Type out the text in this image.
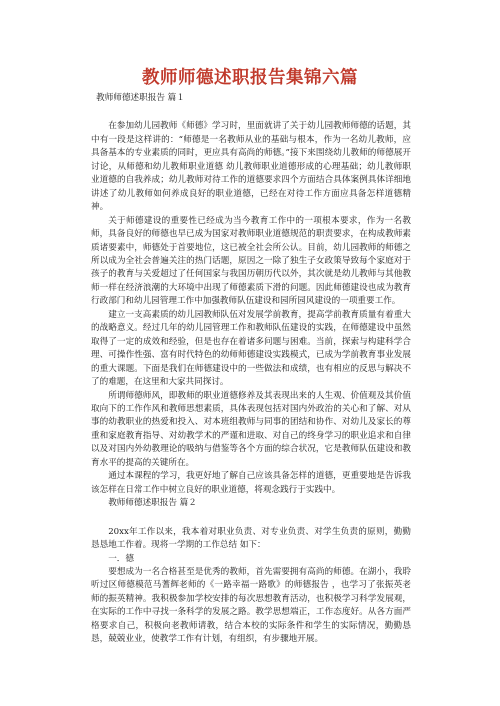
教师师德述职报告集锦六篇

教师师德述职报告 篇１

在参加幼儿园教师《师德》学习时，里面就讲了关于幼儿园教师师德的话题，其中有一段是这样讲的：“师德是一名教师从业的基础与根本，作为一名幼儿教师，应具备基本的专业素质的同时，更应具有高尚的师德。”接下来围绕幼儿教师的师德展开讨论，从师德和幼儿教师职业道德 幼儿教师职业道德形成的心理基础；幼儿教师职业道德的自我养成；幼儿教师对待工作的道德要求四个方面结合具体案例具体详细地讲述了幼儿教师如何养成良好的职业道德，已经在对待工作方面应具备怎样道德精神。

关于师德建设的重要性已经成为当今教育工作中的一项根本要求，作为一名教师，具备良好的师德也早已成为国家对教师职业道德规范的职责要求，在构成教师素质诸要素中，师德处于首要地位，这已被全社会所公认。目前，幼儿园教师的师德之所以成为全社会普遍关注的热门话题，原因之一除了独生子女政策导致每个家庭对于孩子的教育与关爱超过了任何国家与我国历朝历代以外，其次就是幼儿教师与其他教师一样在经济浪潮的大环境中出现了师德素质下滑的问题。因此师德建设也成为教育行政部门和幼儿园管理工作中加强教师队伍建设和园所园风建设的一项重要工作。

建立一支高素质的幼儿园教师队伍对发展学前教育，提高学前教育质量有着重大的战略意义。经过几年的幼儿园管理工作和教师队伍建设的实践，在师德建设中虽然取得了一定的成效和经验，但是也存在着诸多问题与困难。当前，探索与构建科学合理、可操作性强、富有时代特色的幼师师德建设实践模式，已成为学前教育事业发展的重大课题。下面是我们在师德建设中的一些做法和成绩，也有相应的反思与解决不了的难题，在这里和大家共同探讨。

所谓师德师风，即教师的职业道德修养及其表现出来的人生观、价值观及其价值取向下的工作作风和教师思想素质，具体表现包括对国内外政治的关心和了解、对从事的幼教职业的热爱和投入、对本班组教师与同事的团结和协作、对幼儿及家长的尊重和家庭教育指导、对幼教学术的严谨和进取、对自己的终身学习的职业追求和自律以及对国内外幼教理论的吸纳与借鉴等各个方面的综合状况，它是教师队伍建设和教育水平的提高的关键所在。

通过本课程的学习，我更好地了解自己应该具备怎样的道德，更重要地是告诉我该怎样在日常工作中树立良好的职业道德，将观念践行于实践中。

教师师德述职报告 篇２

20xx年工作以来，我本着对职业负责、对专业负责、对学生负责的原则，勤勤恳恳地工作着。现将一学期的工作总结 如下：

一．德

要想成为一名合格甚至是优秀的教师，首先需要拥有高尚的师德。在湖小，我聆听过区师德模范马蓍辉老师的《一路幸福一路歌》的师德报告 ，也学习了张振英老师的振英精神。我积极参加学校安排的每次思想教育活动，也积极学习科学发展观，在实际的工作中寻找一条科学的发展之路。教学思想端正，工作态度好。从各方面严格要求自己，积极向老教师请教，结合本校的实际条件和学生的实际情况，勤勤恳恳，兢兢业业，使教学工作有计划，有组织，有步骤地开展。
